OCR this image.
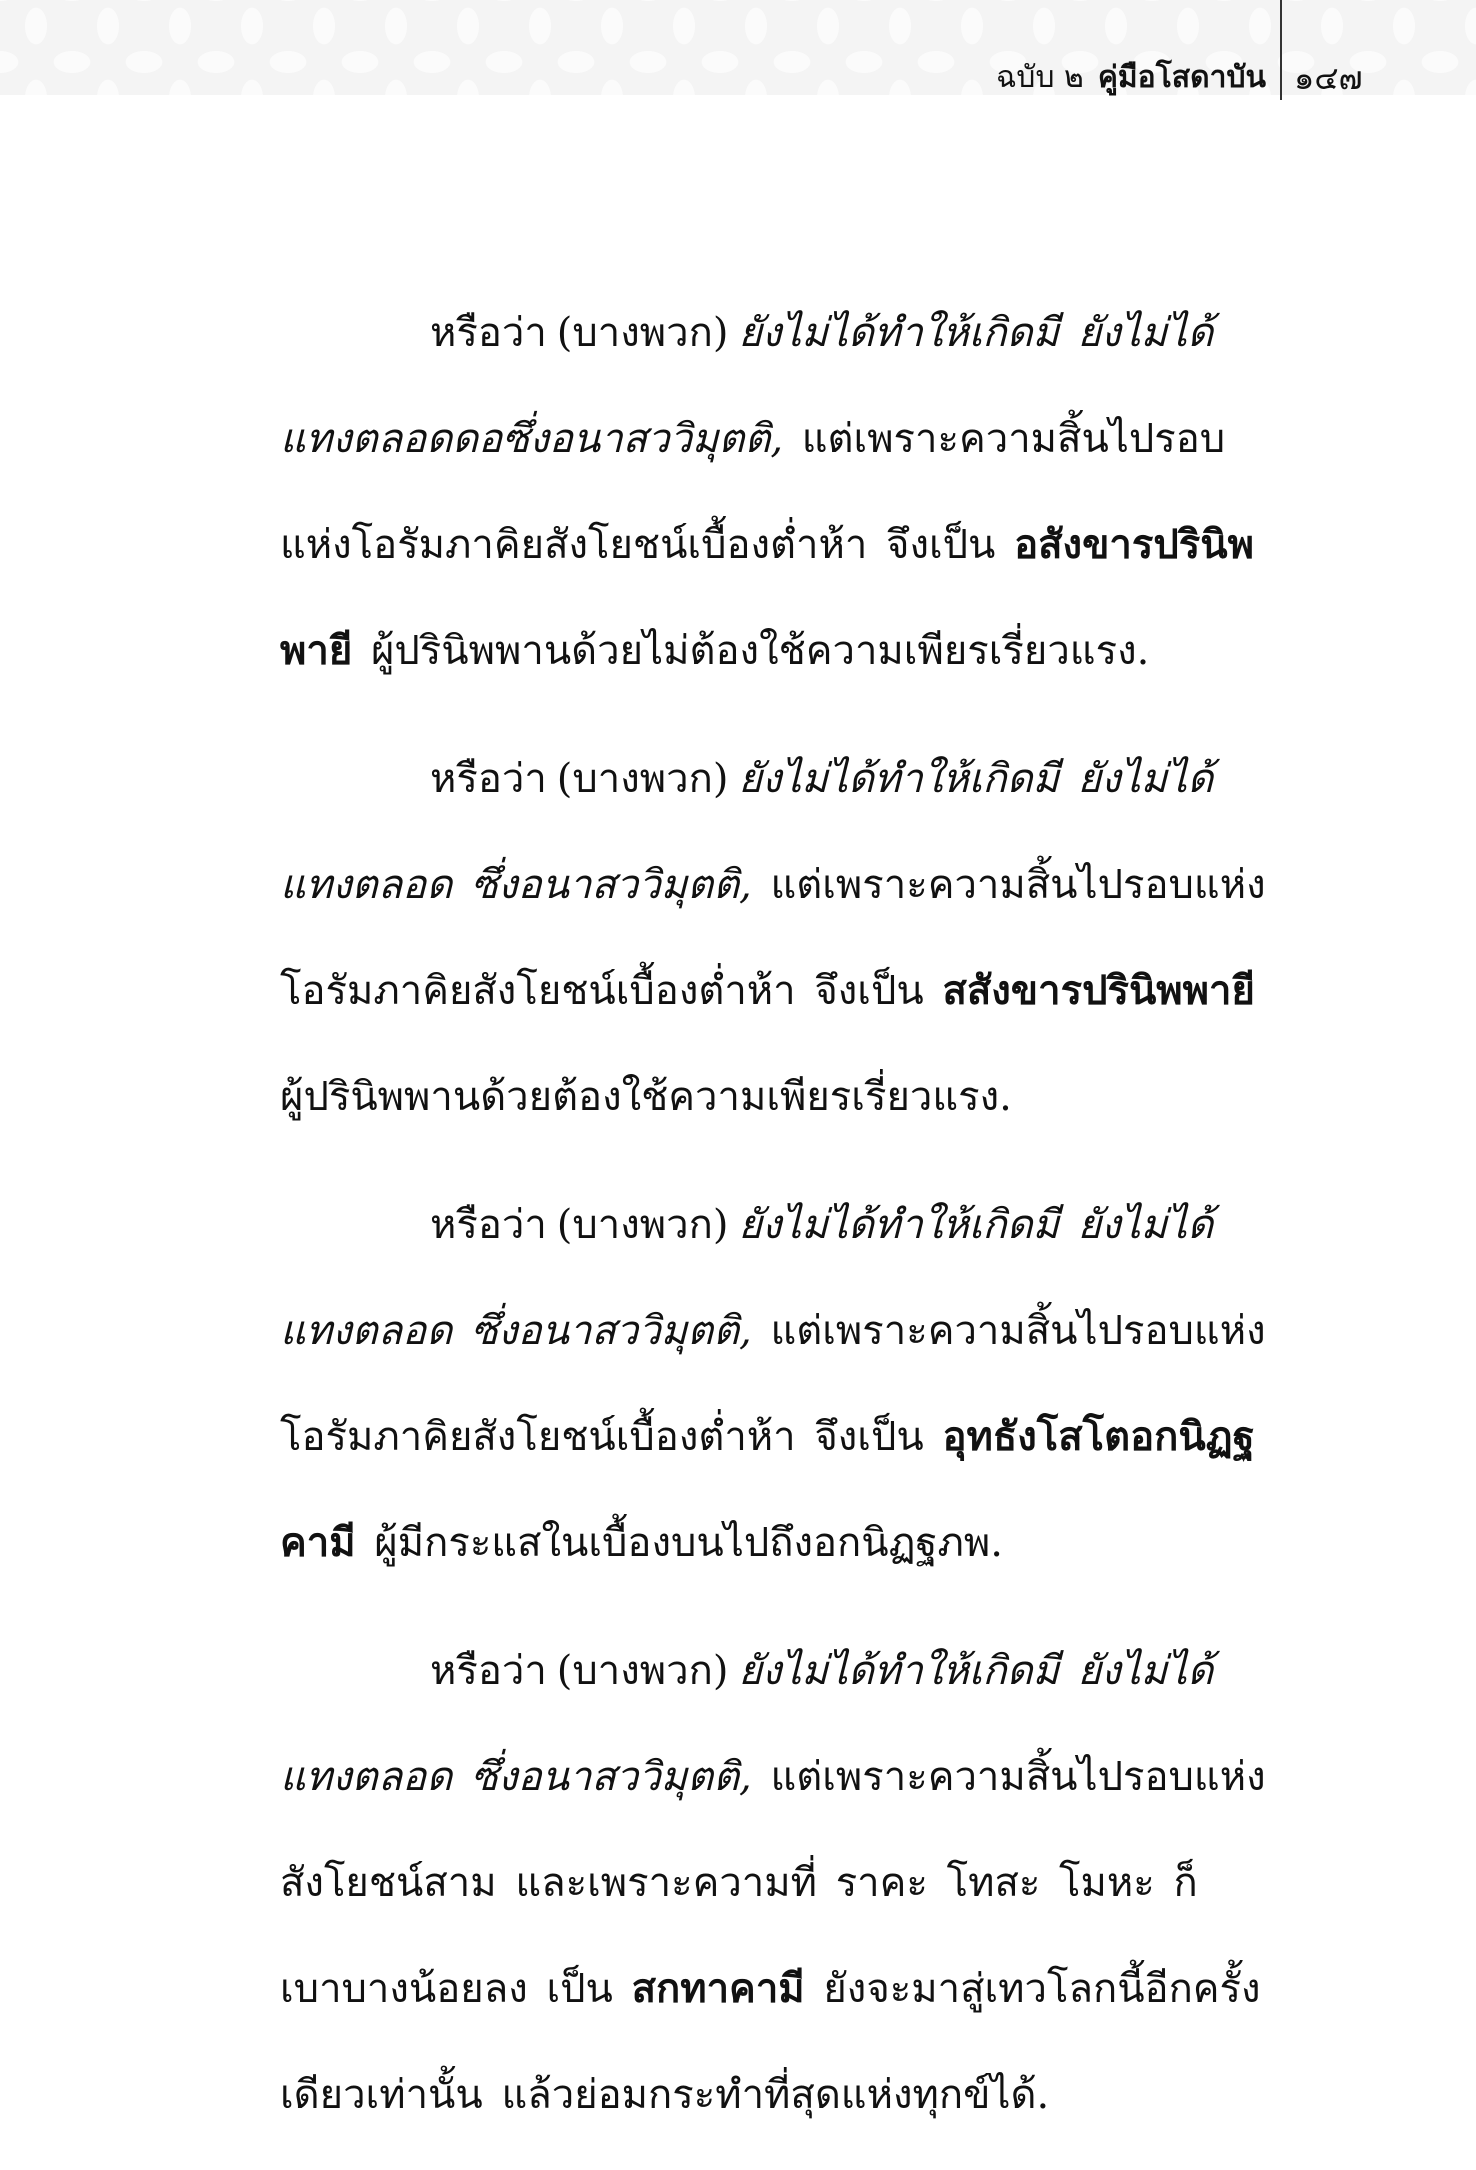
ฉบับ ๒ คู่มือโสดาบัน ๑๔๗

หรือว่า (บางพวก) ยังไม่ได้ทำให้เกิดมี ยังไม่ได้แทงตลอดดอซึ่งอนาสววิมุตติ, แต่เพราะความสิ้นไปรอบแห่งโอรัมภาคิยสังโยชน์เบื้องต่ำห้า จึงเป็น อสังขารปรินิพพายี ผู้ปรินิพพานด้วยไม่ต้องใช้ความเพียรเรี่ยวแรง.

หรือว่า (บางพวก) ยังไม่ได้ทำให้เกิดมี ยังไม่ได้แทงตลอด ซึ่งอนาสววิมุตติ, แต่เพราะความสิ้นไปรอบแห่งโอรัมภาคิยสังโยชน์เบื้องต่ำห้า จึงเป็น สสังขารปรินิพพายี ผู้ปรินิพพานด้วยต้องใช้ความเพียรเรี่ยวแรง.

หรือว่า (บางพวก) ยังไม่ได้ทำให้เกิดมี ยังไม่ได้แทงตลอด ซึ่งอนาสววิมุตติ, แต่เพราะความสิ้นไปรอบแห่งโอรัมภาคิยสังโยชน์เบื้องต่ำห้า จึงเป็น อุทธังโสโตอกนิฏฐคามี ผู้มีกระแสในเบื้องบนไปถึงอกนิฏฐภพ.

หรือว่า (บางพวก) ยังไม่ได้ทำให้เกิดมี ยังไม่ได้แทงตลอด ซึ่งอนาสววิมุตติ, แต่เพราะความสิ้นไปรอบแห่งสังโยชน์สาม และเพราะความที่ ราคะ โทสะ โมหะ ก็เบาบางน้อยลง เป็น สกทาคามี ยังจะมาสู่เทวโลกนี้อีกครั้งเดียวเท่านั้น แล้วย่อมกระทำที่สุดแห่งทุกข์ได้.
